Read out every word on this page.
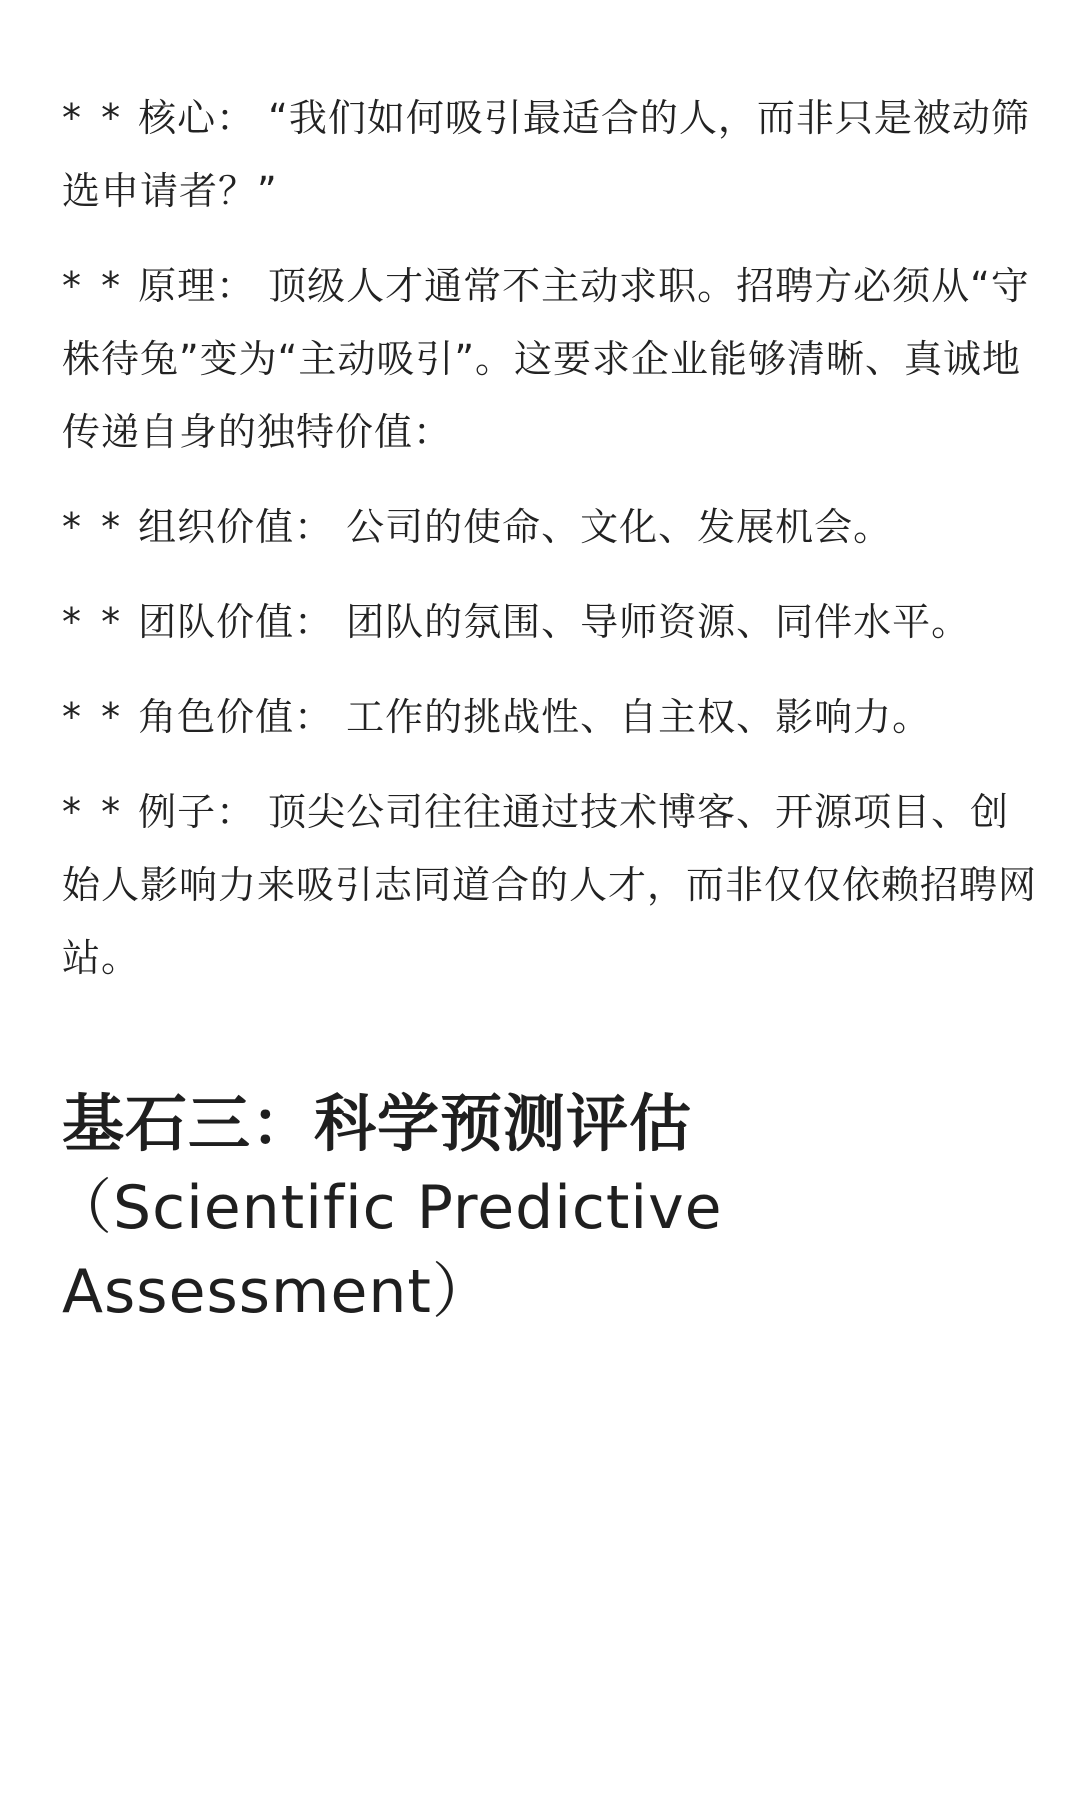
* * 核心： “我们如何吸引最适合的人，而非只是被动筛选申请者？”

* * 原理： 顶级人才通常不主动求职。招聘方必须从“守株待兔”变为“主动吸引”。这要求企业能够清晰、真诚地传递自身的独特价值：

* * 组织价值： 公司的使命、文化、发展机会。

* * 团队价值： 团队的氛围、导师资源、同伴水平。

* * 角色价值： 工作的挑战性、自主权、影响力。

* * 例子： 顶尖公司往往通过技术博客、开源项目、创始人影响力来吸引志同道合的人才，而非仅仅依赖招聘网站。

基石三：科学预测评估
（Scientific Predictive
Assessment）
